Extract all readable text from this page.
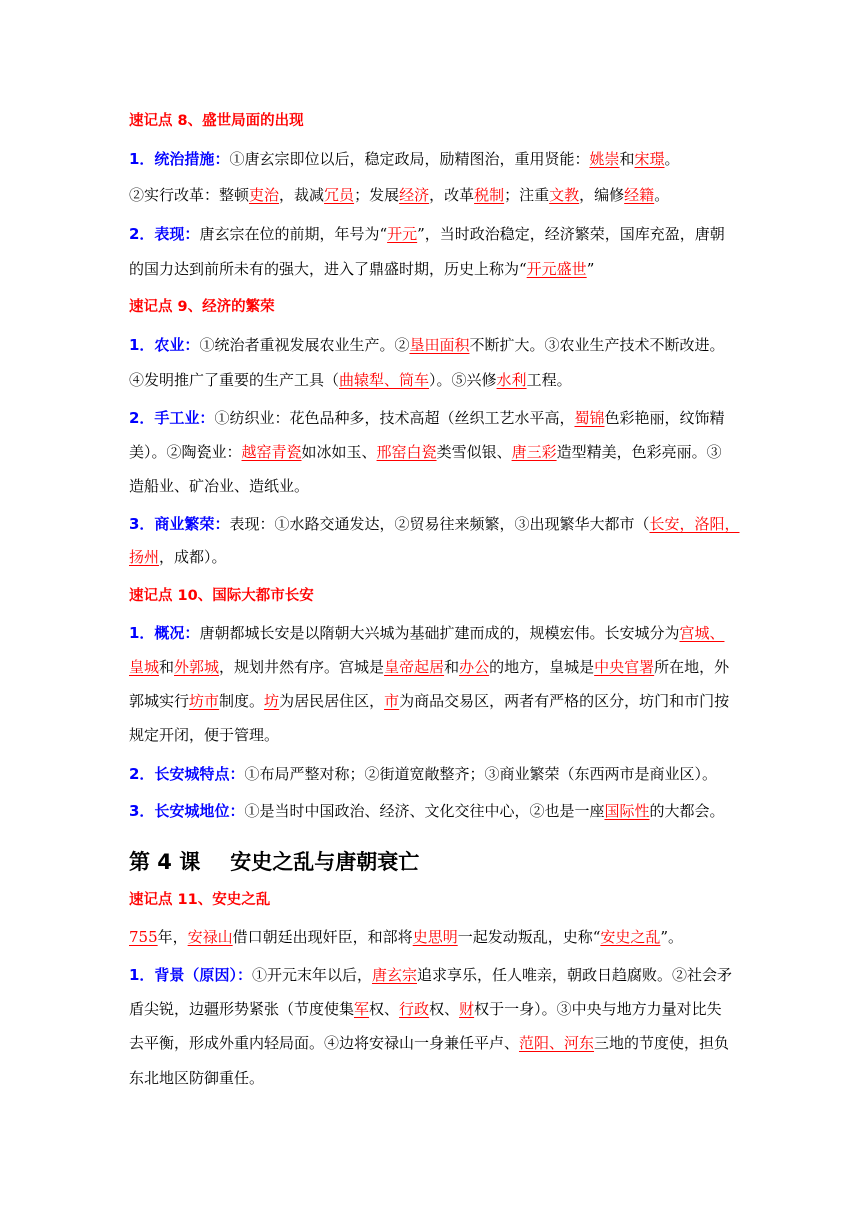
速记点 8、盛世局面的出现
1．统治措施：①唐玄宗即位以后，稳定政局，励精图治，重用贤能：姚崇和宋璟。
②实行改革：整顿吏治，裁减冗员；发展经济，改革税制；注重文教，编修经籍。
2．表现：唐玄宗在位的前期，年号为“开元”，当时政治稳定，经济繁荣，国库充盈，唐朝
的国力达到前所未有的强大，进入了鼎盛时期，历史上称为“开元盛世”
速记点 9、经济的繁荣
1．农业：①统治者重视发展农业生产。②垦田面积不断扩大。③农业生产技术不断改进。
④发明推广了重要的生产工具（曲辕犁、筒车）。⑤兴修水利工程。
2．手工业：①纺织业：花色品种多，技术高超（丝织工艺水平高，蜀锦色彩艳丽，纹饰精
美）。②陶瓷业：越窑青瓷如冰如玉、邢窑白瓷类雪似银、唐三彩造型精美，色彩亮丽。③
造船业、矿冶业、造纸业。
3．商业繁荣：表现：①水路交通发达，②贸易往来频繁，③出现繁华大都市（长安，洛阳，
扬州，成都）。
速记点 10、国际大都市长安
1．概况：唐朝都城长安是以隋朝大兴城为基础扩建而成的，规模宏伟。长安城分为宫城、
皇城和外郭城，规划井然有序。宫城是皇帝起居和办公的地方，皇城是中央官署所在地，外
郭城实行坊市制度。坊为居民居住区，市为商品交易区，两者有严格的区分，坊门和市门按
规定开闭，便于管理。
2．长安城特点：①布局严整对称；②街道宽敞整齐；③商业繁荣（东西两市是商业区）。
3．长安城地位：①是当时中国政治、经济、文化交往中心，②也是一座国际性的大都会。
第 4 课 安史之乱与唐朝衰亡
速记点 11、安史之乱
755年，安禄山借口朝廷出现奸臣，和部将史思明一起发动叛乱，史称“安史之乱”。
1．背景（原因）：①开元末年以后，唐玄宗追求享乐，任人唯亲，朝政日趋腐败。②社会矛
盾尖锐，边疆形势紧张（节度使集军权、行政权、财权于一身）。③中央与地方力量对比失
去平衡，形成外重内轻局面。④边将安禄山一身兼任平卢、范阳、河东三地的节度使，担负
东北地区防御重任。
